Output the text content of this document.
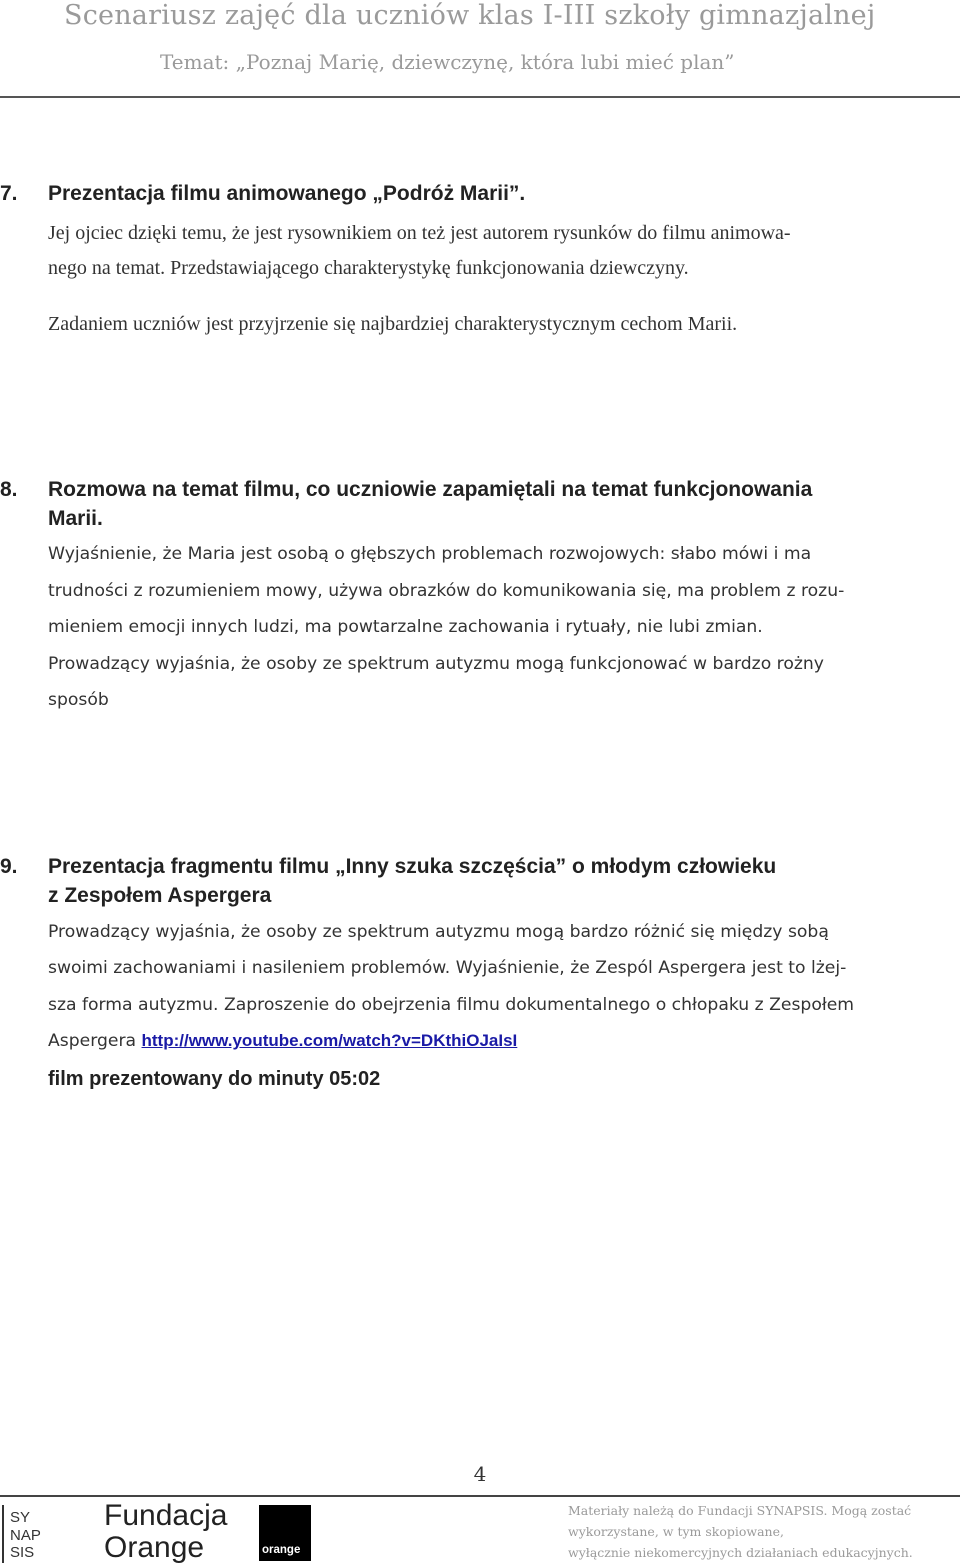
Scenariusz zajęć dla uczniów klas I-III szkoły gimnazjalnej
Temat: „Poznaj Marię, dziewczynę, która lubi mieć plan”
7. Prezentacja filmu animowanego „Podróż Marii”.
Jej ojciec dzięki temu, że jest rysownikiem on też jest autorem rysunków do filmu animowa-
nego na temat. Przedstawiającego charakterystykę funkcjonowania dziewczyny.
Zadaniem uczniów jest przyjrzenie się najbardziej charakterystycznym cechom Marii.
8. Rozmowa na temat filmu, co uczniowie zapamiętali na temat funkcjonowania
Marii.
Wyjaśnienie, że Maria jest osobą o głębszych problemach rozwojowych: słabo mówi i ma
trudności z rozumieniem mowy, używa obrazków do komunikowania się, ma problem z rozu-
mieniem emocji innych ludzi, ma powtarzalne zachowania i rytuały, nie lubi zmian.
Prowadzący wyjaśnia, że osoby ze spektrum autyzmu mogą funkcjonować w bardzo rożny
sposób
9. Prezentacja fragmentu filmu „Inny szuka szczęścia” o młodym człowieku
z Zespołem Aspergera
Prowadzący wyjaśnia, że osoby ze spektrum autyzmu mogą bardzo różnić się między sobą
swoimi zachowaniami i nasileniem problemów. Wyjaśnienie, że Zespól Aspergera jest to lżej-
sza forma autyzmu. Zaproszenie do obejrzenia filmu dokumentalnego o chłopaku z Zespołem
Aspergera http://www.youtube.com/watch?v=DKthiOJaIsI
film prezentowany do minuty 05:02
4
SY
NAP
SIS
Fundacja
Orange	orange
Materiały należą do Fundacji SYNAPSIS. Mogą zostać wykorzystane, w tym skopiowane,
wyłącznie niekomercyjnych działaniach edukacyjnych.
